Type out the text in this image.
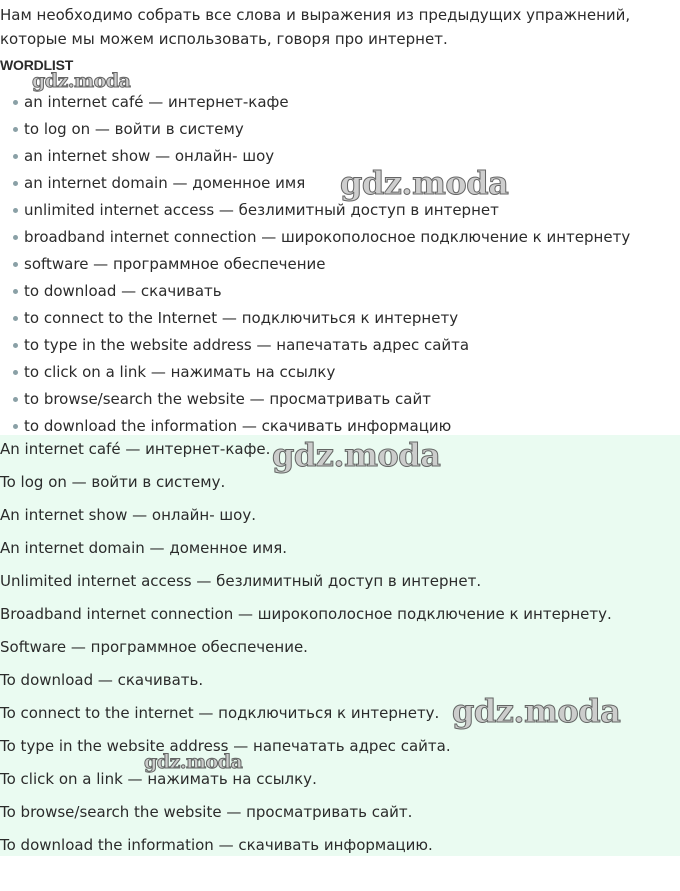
Нам необходимо собрать все слова и выражения из предыдущих упражнений, которые мы можем использовать, говоря про интернет.
WORDLIST
an internet café — интернет-кафе
to log on — войти в систему
an internet show — онлайн- шоу
an internet domain — доменное имя
unlimited internet access — безлимитный доступ в интернет
broadband internet connection — широкополосное подключение к интернету
software — программное обеспечение
to download — скачивать
to connect to the Internet — подключиться к интернету
to type in the website address — напечатать адрес сайта
to click on a link — нажимать на ссылку
to browse/search the website — просматривать сайт
to download the information — скачивать информацию

An internet café — интернет-кафе.

To log on — войти в систему.

An internet show — онлайн- шоу.

An internet domain — доменное имя.

Unlimited internet access — безлимитный доступ в интернет.

Broadband internet connection — широкополосное подключение к интернету.

Software — программное обеспечение.

To download — скачивать.

To connect to the internet — подключиться к интернету.

To type in the website address — напечатать адрес сайта.

To click on a link — нажимать на ссылку.

To browse/search the website — просматривать сайт.

To download the information — скачивать информацию.

gdz.moda
gdz.moda
gdz.moda
gdz.moda
gdz.moda
